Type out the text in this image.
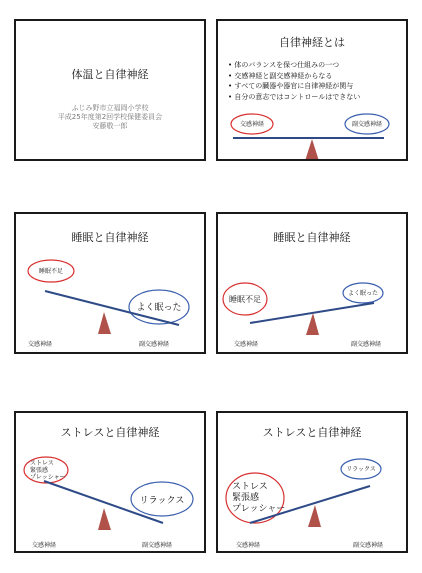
体温と自律神経
ふじみ野市立福岡小学校
平成25年度第2回学校保健委員会
安藤敬一郎
自律神経とは
• 体のバランスを保つ仕組みの一つ
• 交感神経と副交感神経からなる
• すべての臓器や器官に自律神経が関与
• 自分の意志ではコントロールはできない
交感神経	副交感神経
睡眠と自律神経
睡眠不足
よく眠った
交感神経	副交感神経
睡眠と自律神経
睡眠不足
よく眠った
交感神経	副交感神経
ストレスと自律神経
ストレス
緊張感
プレッシャー
リラックス
交感神経	副交感神経
ストレスと自律神経
ストレス
緊張感
プレッシャー
リラックス
交感神経	副交感神経
